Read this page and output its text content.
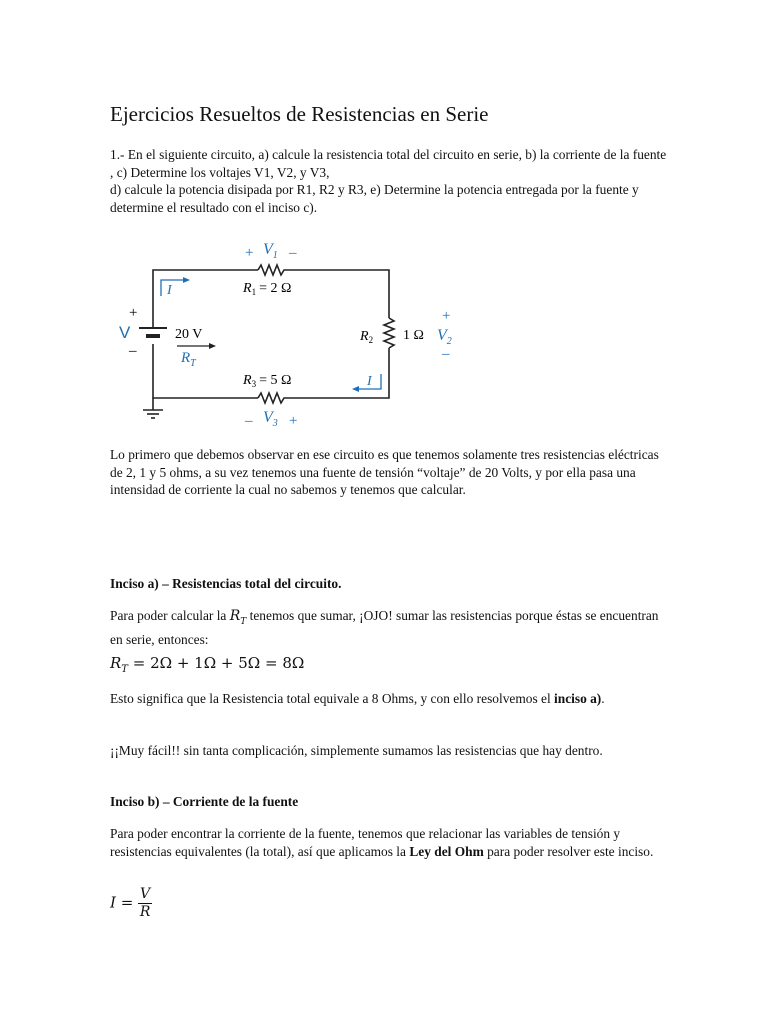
Ejercicios Resueltos de Resistencias en Serie

1.- En el siguiente circuito, a) calcule la resistencia total del circuito en serie, b) la corriente de la fuente , c) Determine los voltajes V1, V2, y V3,
d) calcule la potencia disipada por R1, R2 y R3, e) Determine la potencia entregada por la fuente y determine el resultado con el inciso c).

Lo primero que debemos observar en ese circuito es que tenemos solamente tres resistencias eléctricas de 2, 1 y 5 ohms, a su vez tenemos una fuente de tensión “voltaje” de 20 Volts, y por ella pasa una intensidad de corriente la cual no sabemos y tenemos que calcular.

Inciso a) – Resistencias total del circuito.

Para poder calcular la $R_T$ tenemos que sumar, ¡OJO! sumar las resistencias porque éstas se encuentran en serie, entonces:

$R_T = 2\Omega + 1\Omega + 5\Omega = 8\Omega$

Esto significa que la Resistencia total equivale a 8 Ohms, y con ello resolvemos el inciso a).

¡¡Muy fácil!! sin tanta complicación, simplemente sumamos las resistencias que hay dentro.

Inciso b) – Corriente de la fuente

Para poder encontrar la corriente de la fuente, tenemos que relacionar las variables de tensión y resistencias equivalentes (la total), así que aplicamos la Ley del Ohm para poder resolver este inciso.

$I = \frac{V}{R}$
+ $V_1$ –
$R_1 = 2$ Ω
I
I
+
V
–
20 V
$R_T$
$R_2$ 1 Ω
+
$V_2$
–
$R_3 = 5$ Ω
– $V_3$ +
